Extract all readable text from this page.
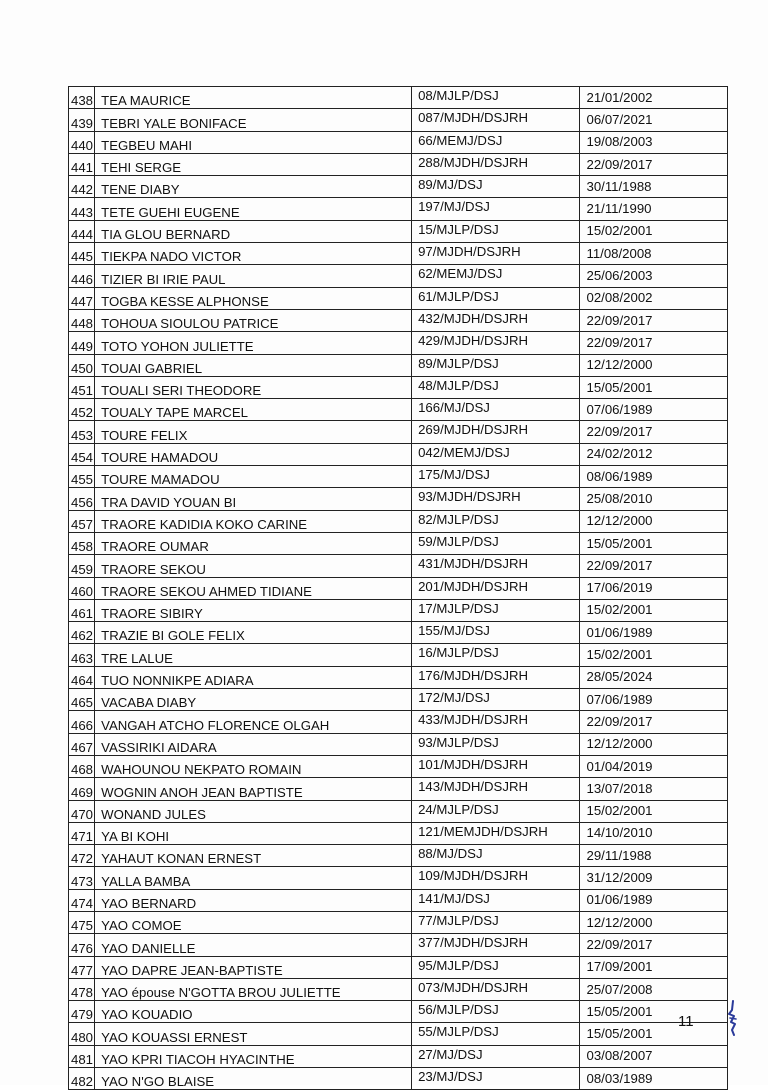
438	TEA MAURICE	08/MJLP/DSJ	21/01/2002
439	TEBRI YALE BONIFACE	087/MJDH/DSJRH	06/07/2021
440	TEGBEU MAHI	66/MEMJ/DSJ	19/08/2003
441	TEHI SERGE	288/MJDH/DSJRH	22/09/2017
442	TENE DIABY	89/MJ/DSJ	30/11/1988
443	TETE GUEHI EUGENE	197/MJ/DSJ	21/11/1990
444	TIA GLOU BERNARD	15/MJLP/DSJ	15/02/2001
445	TIEKPA NADO VICTOR	97/MJDH/DSJRH	11/08/2008
446	TIZIER BI IRIE PAUL	62/MEMJ/DSJ	25/06/2003
447	TOGBA KESSE ALPHONSE	61/MJLP/DSJ	02/08/2002
448	TOHOUA SIOULOU PATRICE	432/MJDH/DSJRH	22/09/2017
449	TOTO YOHON JULIETTE	429/MJDH/DSJRH	22/09/2017
450	TOUAI GABRIEL	89/MJLP/DSJ	12/12/2000
451	TOUALI SERI THEODORE	48/MJLP/DSJ	15/05/2001
452	TOUALY TAPE MARCEL	166/MJ/DSJ	07/06/1989
453	TOURE FELIX	269/MJDH/DSJRH	22/09/2017
454	TOURE HAMADOU	042/MEMJ/DSJ	24/02/2012
455	TOURE MAMADOU	175/MJ/DSJ	08/06/1989
456	TRA DAVID YOUAN BI	93/MJDH/DSJRH	25/08/2010
457	TRAORE KADIDIA KOKO CARINE	82/MJLP/DSJ	12/12/2000
458	TRAORE OUMAR	59/MJLP/DSJ	15/05/2001
459	TRAORE SEKOU	431/MJDH/DSJRH	22/09/2017
460	TRAORE SEKOU AHMED TIDIANE	201/MJDH/DSJRH	17/06/2019
461	TRAORE SIBIRY	17/MJLP/DSJ	15/02/2001
462	TRAZIE BI GOLE FELIX	155/MJ/DSJ	01/06/1989
463	TRE LALUE	16/MJLP/DSJ	15/02/2001
464	TUO NONNIKPE ADIARA	176/MJDH/DSJRH	28/05/2024
465	VACABA DIABY	172/MJ/DSJ	07/06/1989
466	VANGAH ATCHO FLORENCE OLGAH	433/MJDH/DSJRH	22/09/2017
467	VASSIRIKI AIDARA	93/MJLP/DSJ	12/12/2000
468	WAHOUNOU NEKPATO ROMAIN	101/MJDH/DSJRH	01/04/2019
469	WOGNIN ANOH JEAN BAPTISTE	143/MJDH/DSJRH	13/07/2018
470	WONAND JULES	24/MJLP/DSJ	15/02/2001
471	YA BI KOHI	121/MEMJDH/DSJRH	14/10/2010
472	YAHAUT KONAN ERNEST	88/MJ/DSJ	29/11/1988
473	YALLA BAMBA	109/MJDH/DSJRH	31/12/2009
474	YAO BERNARD	141/MJ/DSJ	01/06/1989
475	YAO COMOE	77/MJLP/DSJ	12/12/2000
476	YAO DANIELLE	377/MJDH/DSJRH	22/09/2017
477	YAO DAPRE JEAN-BAPTISTE	95/MJLP/DSJ	17/09/2001
478	YAO épouse N'GOTTA BROU JULIETTE	073/MJDH/DSJRH	25/07/2008
479	YAO KOUADIO	56/MJLP/DSJ	15/05/2001
480	YAO KOUASSI ERNEST	55/MJLP/DSJ	15/05/2001
481	YAO KPRI TIACOH HYACINTHE	27/MJ/DSJ	03/08/2007
482	YAO N'GO BLAISE	23/MJ/DSJ	08/03/1989
11
